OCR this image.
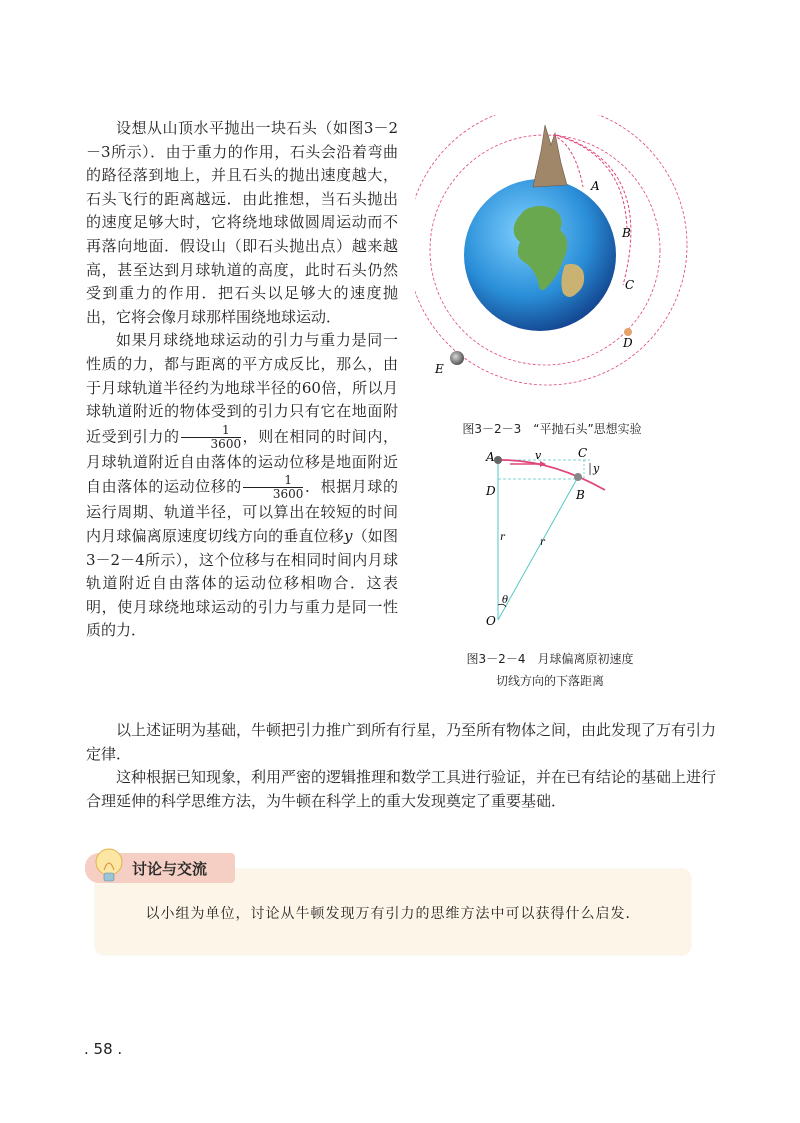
设想从山顶水平抛出一块石头（如图3－2－3所示）．由于重力的作用，石头会沿着弯曲的路径落到地上，并且石头的抛出速度越大，石头飞行的距离越远．由此推想，当石头抛出的速度足够大时，它将绕地球做圆周运动而不再落向地面．假设山（即石头抛出点）越来越高，甚至达到月球轨道的高度，此时石头仍然受到重力的作用．把石头以足够大的速度抛出，它将会像月球那样围绕地球运动．

如果月球绕地球运动的引力与重力是同一性质的力，都与距离的平方成反比，那么，由于月球轨道半径约为地球半径的60倍，所以月球轨道附近的物体受到的引力只有它在地面附近受到引力的 $\frac{1}{3600}$ ，则在相同的时间内，月球轨道附近自由落体的运动位移是地面附近自由落体的运动位移的 $\frac{1}{3600}$ ．根据月球的运行周期、轨道半径，可以算出在较短的时间内月球偏离原速度切线方向的垂直位移y（如图3－2－4所示），这个位移与在相同时间内月球轨道附近自由落体的运动位移相吻合．这表明，使月球绕地球运动的引力与重力是同一性质的力．

A
B
C
D
E
图3－2－3　“平抛石头”思想实验
A	C
D	B
O
v
y
r	r
θ
图3－2－4　月球偏离原初速度
切线方向的下落距离

以上述证明为基础，牛顿把引力推广到所有行星，乃至所有物体之间，由此发现了万有引力定律．

这种根据已知现象，利用严密的逻辑推理和数学工具进行验证，并在已有结论的基础上进行合理延伸的科学思维方法，为牛顿在科学上的重大发现奠定了重要基础．

讨论与交流
以小组为单位，讨论从牛顿发现万有引力的思维方法中可以获得什么启发．
. 58 .
